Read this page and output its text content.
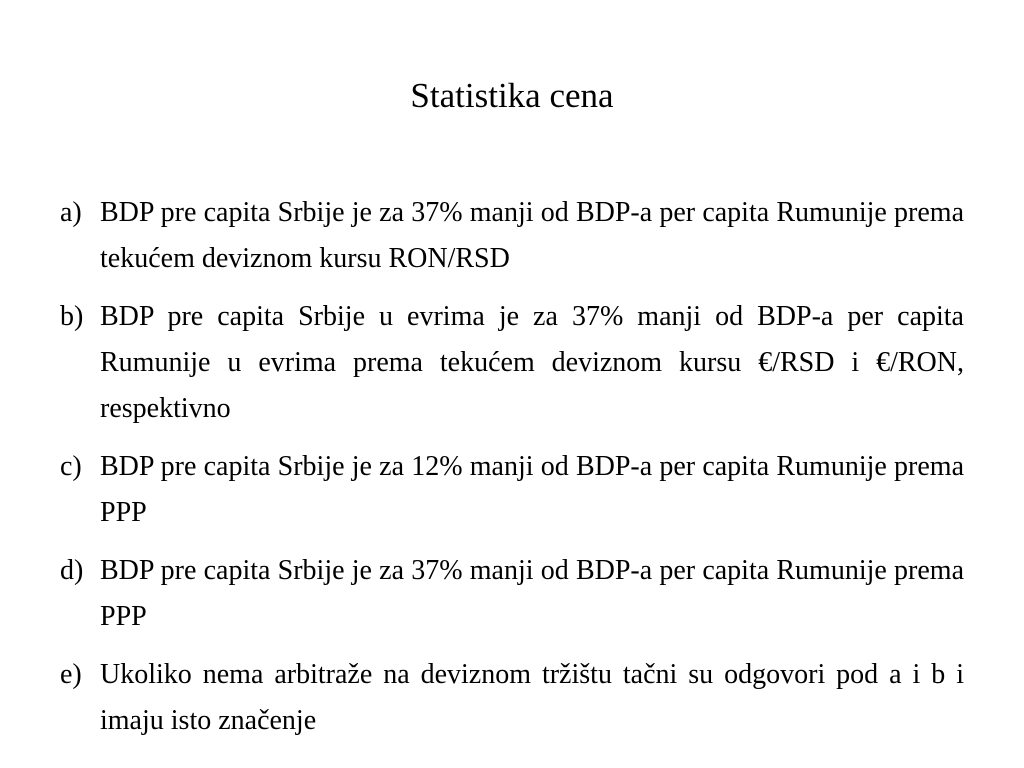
Statistika cena
a) BDP pre capita Srbije je za 37% manji od BDP-a per capita Rumunije prema tekućem deviznom kursu RON/RSD
b) BDP pre capita Srbije u evrima je za 37% manji od BDP-a per capita Rumunije u evrima prema tekućem deviznom kursu €/RSD i €/RON, respektivno
c) BDP pre capita Srbije je za 12% manji od BDP-a per capita Rumunije prema PPP
d) BDP pre capita Srbije je za 37% manji od BDP-a per capita Rumunije prema PPP
e) Ukoliko nema arbitraže na deviznom tržištu tačni su odgovori pod a i b i imaju isto značenje
